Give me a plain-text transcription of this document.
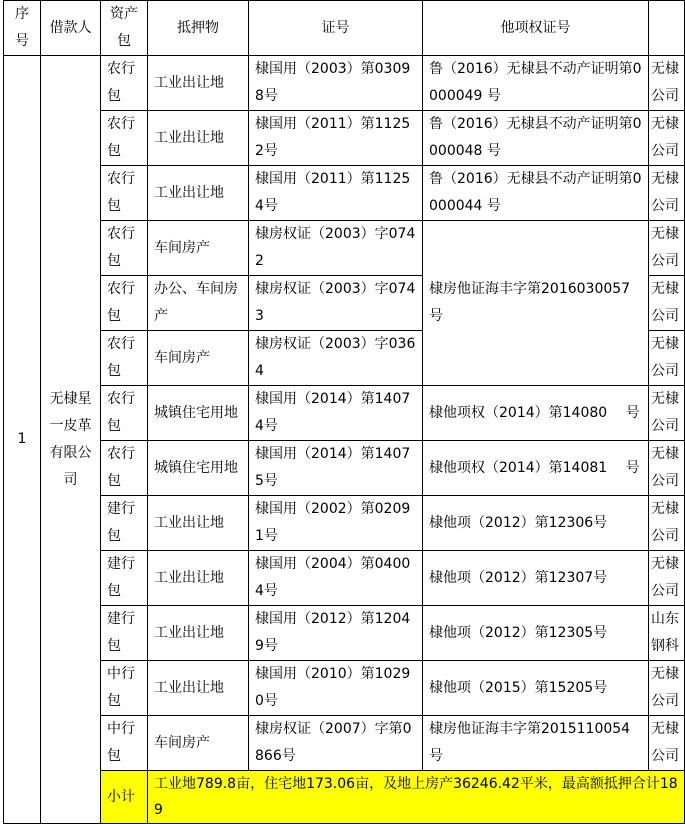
序号	借款人	资产包	抵押物	证号	他项权证号	
1	无棣星一皮革有限公司	农行包	工业出让地	棣国用（2003）第03098号	鲁（2016）无棣县不动产证明第0000049 号	无棣公司
		农行包	工业出让地	棣国用（2011）第11252号	鲁（2016）无棣县不动产证明第0000048 号	无棣公司
		农行包	工业出让地	棣国用（2011）第11254号	鲁（2016）无棣县不动产证明第0000044 号	无棣公司
		农行包	车间房产	棣房权证（2003）字0742	棣房他证海丰字第2016030057号	无棣公司
		农行包	办公、车间房产	棣房权证（2003）字0743		无棣公司
		农行包	车间房产	棣房权证（2003）字0364		无棣公司
		农行包	城镇住宅用地	棣国用（2014）第14074号	棣他项权（2014）第14080　 号	无棣公司
		农行包	城镇住宅用地	棣国用（2014）第14075号	棣他项权（2014）第14081　 号	无棣公司
		建行包	工业出让地	棣国用（2002）第02091号	棣他项（2012）第12306号	无棣公司
		建行包	工业出让地	棣国用（2004）第04004号	棣他项（2012）第12307号	无棣公司
		建行包	工业出让地	棣国用（2012）第12049号	棣他项（2012）第12305号	山东钢科
		中行包	工业出让地	棣国用（2010）第10290号	棣他项（2015）第15205号	无棣公司
		中行包	车间房产	棣房权证（2007）字第0866号	棣房他证海丰字第2015110054号	无棣公司
		小计	工业地789.8亩，住宅地173.06亩，及地上房产36246.42平米，最高额抵押合计189			
